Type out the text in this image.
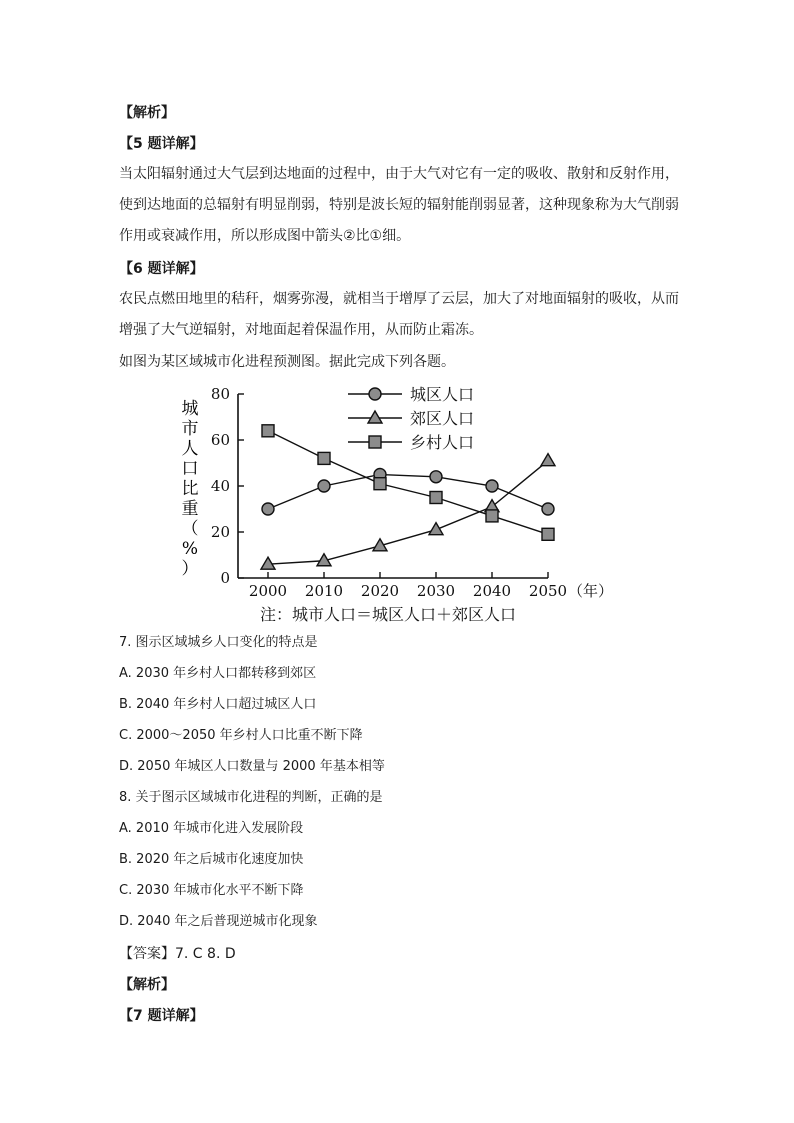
【解析】
【5 题详解】
当太阳辐射通过大气层到达地面的过程中，由于大气对它有一定的吸收、散射和反射作用，使到达地面的总辐射有明显削弱，特别是波长短的辐射能削弱显著，这种现象称为大气削弱作用或衰减作用，所以形成图中箭头②比①细。
【6 题详解】
农民点燃田地里的秸秆，烟雾弥漫，就相当于增厚了云层，加大了对地面辐射的吸收，从而增强了大气逆辐射，对地面起着保温作用，从而防止霜冻。
如图为某区域城市化进程预测图。据此完成下列各题。
城
市
人
口
比
重
（
%
） 0
20
40
60
80
2000 2010 2020 2030 2040 2050 （年）
城区人口
郊区人口
乡村人口
注：城市人口＝城区人口＋郊区人口
7. 图示区域城乡人口变化的特点是
A. 2030 年乡村人口都转移到郊区
B. 2040 年乡村人口超过城区人口
C. 2000～2050 年乡村人口比重不断下降
D. 2050 年城区人口数量与 2000 年基本相等
8. 关于图示区域城市化进程的判断，正确的是
A. 2010 年城市化进入发展阶段
B. 2020 年之后城市化速度加快
C. 2030 年城市化水平不断下降
D. 2040 年之后普现逆城市化现象
【答案】7. C 8. D
【解析】
【7 题详解】
